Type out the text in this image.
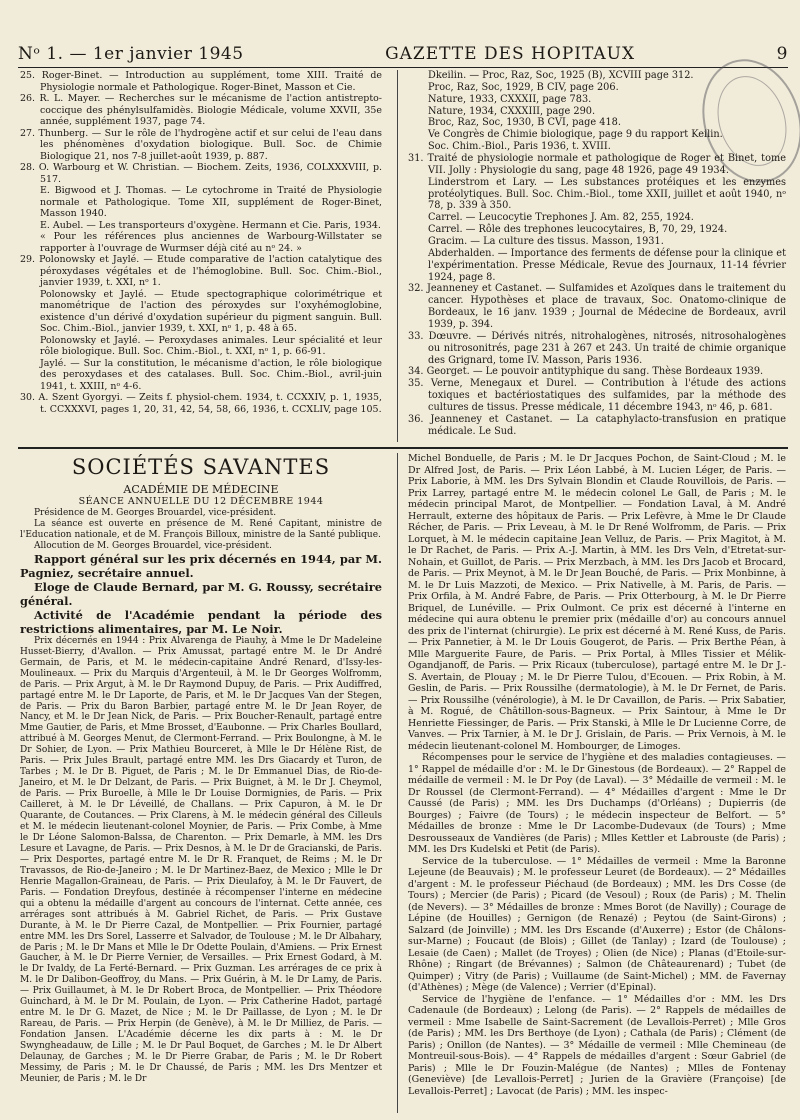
Nᵒ 1. — 1er janvier 1945	GAZETTE DES HOPITAUX	9

25. Roger-Binet. — Introduction au supplément, tome XIII. Traité de Physiologie normale et Pathologique. Roger-Binet, Masson et Cie.

26. R. L. Mayer. — Recherches sur le mécanisme de l'action antistrepto-coccique des phénylsulfamidès. Biologie Médicale, volume XXVII, 35e année, supplément 1937, page 74.

27. Thunberg. — Sur le rôle de l'hydrogène actif et sur celui de l'eau dans les phénomènes d'oxydation biologique. Bull. Soc. de Chimie Biologique 21, nos 7-8 juillet-août 1939, p. 887.

28. O. Warbourg et W. Christian. — Biochem. Zeits, 1936, COLXXXVIII, p. 517.

E. Bigwood et J. Thomas. — Le cytochrome in Traité de Physiologie normale et Pathologique. Tome XII, supplément de Roger-Binet, Masson 1940.

E. Aubel. — Les transporteurs d'oxygène. Hermann et Cie. Paris, 1934.

« Pour les références plus anciennes de Warbourg-Willstater se rapporter à l'ouvrage de Wurmser déjà cité au nᵒ 24. »

29. Polonowsky et Jaylé. — Etude comparative de l'action catalytique des péroxydases végétales et de l'hémoglobine. Bull. Soc. Chim.-Biol., janvier 1939, t. XXI, nᵒ 1.

Polonowsky et Jaylé. — Etude spectographique colorimétrique et manométrique de l'action des péroxydes sur l'oxyhémoglobine, existence d'un dérivé d'oxydation supérieur du pigment sanguin. Bull. Soc. Chim.-Biol., janvier 1939, t. XXI, nᵒ 1, p. 48 à 65.

Polonowsky et Jaylé. — Peroxydases animales. Leur spécialité et leur rôle biologique. Bull. Soc. Chim.-Biol., t. XXI, nᵒ 1, p. 66-91.

Jaylé. — Sur la constitution, le mécanisme d'action, le rôle biologique des peroxydases et des catalases. Bull. Soc. Chim.-Biol., avril-juin 1941, t. XXIII, nᵒ 4-6.

30. A. Szent Gyorgyi. — Zeits f. physiol-chem. 1934, t. CCXXIV, p. 1, 1935, t. CCXXXVI, pages 1, 20, 31, 42, 54, 58, 66, 1936, t. CCXLIV, page 105.

Dkeilin. — Proc, Raz, Soc, 1925 (B), XCVIII page 312.

Proc, Raz, Soc, 1929, B CIV, page 206.

Nature, 1933, CXXXII, page 783.

Nature, 1934, CXXXIII, page 290.

Broc, Raz, Soc, 1930, B CVI, page 418.

Ve Congrès de Chimie biologique, page 9 du rapport Keilin.

Soc. Chim.-Biol., Paris 1936, t. XVIII.

31. Traité de physiologie normale et pathologique de Roger et Binet, tome VII. Jolly : Physiologie du sang, page 48 1926, page 49 1934.

Linderstrom et Lary. — Les substances protéiques et les enzymes protéolytiques. Bull. Soc. Chim.-Biol., tome XXII, juillet et août 1940, nᵒ 78, p. 339 à 350.

Carrel. — Leucocytie Trephones J. Am. 82, 255, 1924.

Carrel. — Rôle des trephones leucocytaires, B, 70, 29, 1924.

Gracim. — La culture des tissus. Masson, 1931.

Abderhalden. — Importance des ferments de défense pour la clinique et l'expérimentation. Presse Médicale, Revue des Journaux, 11-14 février 1924, page 8.

32. Jeanneney et Castanet. — Sulfamides et Azoïques dans le traitement du cancer. Hypothèses et place de travaux, Soc. Onatomo-clinique de Bordeaux, le 16 janv. 1939 ; Journal de Médecine de Bordeaux, avril 1939, p. 394.

33. Dœuvre. — Dérivés nitrés, nitrohalogènes, nitrosés, nitrosohalogènes ou nitrosonitrés, page 231 à 267 et 243. Un traité de chimie organique des Grignard, tome IV. Masson, Paris 1936.

34. Georget. — Le pouvoir antityphique du sang. Thèse Bordeaux 1939.

35. Verne, Menegaux et Durel. — Contribution à l'étude des actions toxiques et bactériostatiques des sulfamides, par la méthode des cultures de tissus. Presse médicale, 11 décembre 1943, nᵒ 46, p. 681.

36. Jeanneney et Castanet. — La cataphylacto-transfusion en pratique médicale. Le Sud.

SOCIÉTÉS SAVANTES

ACADÉMIE DE MÉDECINE

SÉANCE ANNUELLE DU 12 DÉCEMBRE 1944

Présidence de M. Georges Brouardel, vice-président.

La séance est ouverte en présence de M. René Capitant, ministre de l'Education nationale, et de M. François Billoux, ministre de la Santé publique.

Allocution de M. Georges Brouardel, vice-président.

Rapport général sur les prix décernés en 1944, par M. Pagniez, secrétaire annuel.

Eloge de Claude Bernard, par M. G. Roussy, secrétaire général.

Activité de l'Académie pendant la période des restrictions alimentaires, par M. Le Noir.

Prix décernés en 1944 : Prix Alvarenga de Piauhy, à Mme le Dr Madeleine Husset-Bierry, d'Avallon. — Prix Amussat, partagé entre M. le Dr André Germain, de Paris, et M. le médecin-capitaine André Renard, d'Issy-les-Moulineaux. — Prix du Marquis d'Argenteuil, à M. le Dr Georges Wolfromm, de Paris. — Prix Argut, à M. le Dr Raymond Dupuy, de Paris. — Prix Audiffred, partagé entre M. le Dr Laporte, de Paris, et M. le Dr Jacques Van der Stegen, de Paris. — Prix du Baron Barbier, partagé entre M. le Dr Jean Royer, de Nancy, et M. le Dr Jean Nick, de Paris. — Prix Boucher-Renault, partagé entre Mme Gautier, de Paris, et Mme Brosset, d'Eaubonne. — Prix Charles Boullard, attribué à M. Georges Menut, de Clermont-Ferrand. — Prix Boulongne, à M. le Dr Sohier, de Lyon. — Prix Mathieu Bourceret, à Mlle le Dr Hélène Rist, de Paris. — Prix Jules Brault, partagé entre MM. les Drs Giacardy et Turon, de Tarbes ; M. le Dr B. Piguet, de Paris ; M. le Dr Emmanuel Dias, de Rio-de-Janeiro, et M. le Dr Delzant, de Paris. — Prix Buignet, à M. le Dr J. Cheymol, de Paris. — Prix Buroelle, à Mlle le Dr Louise Dormignies, de Paris. — Prix Cailleret, à M. le Dr Léveillé, de Challans. — Prix Capuron, à M. le Dr Quarante, de Coutances. — Prix Clarens, à M. le médecin général des Cilleuls et M. le médecin lieutenant-colonel Moynier, de Paris. — Prix Combe, à Mme le Dr Léone Salomon-Balssa, de Charenton. — Prix Demarle, à MM. les Drs Lesure et Lavagne, de Paris. — Prix Desnos, à M. le Dr de Gracianski, de Paris. — Prix Desportes, partagé entre M. le Dr R. Franquet, de Reims ; M. le Dr Travassos, de Rio-de-Janeiro ; M. le Dr Martinez-Baez, de Mexico ; Mlle le Dr Henrie Magallon-Graineau, de Paris. — Prix Dieulafoy, à M. le Dr Fauvert, de Paris. — Fondation Dreyfous, destinée à récompenser l'interne en médecine qui a obtenu la médaille d'argent au concours de l'internat. Cette année, ces arrérages sont attribués à M. Gabriel Richet, de Paris. — Prix Gustave Durante, à M. le Dr Pierre Cazal, de Montpellier. — Prix Fournier, partagé entre MM. les Drs Sorel, Lasserre et Salvador, de Toulouse ; M. le Dr Albahary, de Paris ; M. le Dr Mans et Mlle le Dr Odette Poulain, d'Amiens. — Prix Ernest Gaucher, à M. le Dr Pierre Vernier, de Versailles. — Prix Ernest Godard, à M. le Dr Ivaldy, de La Ferté-Bernard. — Prix Guzman. Les arrérages de ce prix à M. le Dr Dalibon-Geoffroy, du Mans. — Prix Guérin, à M. le Dr Lamy, de Paris. — Prix Guillaumet, à M. le Dr Robert Broca, de Montpellier. — Prix Théodore Guinchard, à M. le Dr M. Poulain, de Lyon. — Prix Catherine Hadot, partagé entre M. le Dr G. Mazet, de Nice ; M. le Dr Paillasse, de Lyon ; M. le Dr Rareau, de Paris. — Prix Herpin (de Genève), à M. le Dr Milliez, de Paris. — Fondation Jansen. L'Académie décerne les dix parts à : M. le Dr Swyngheadauw, de Lille ; M. le Dr Paul Boquet, de Garches ; M. le Dr Albert Delaunay, de Garches ; M. le Dr Pierre Grabar, de Paris ; M. le Dr Robert Messimy, de Paris ; M. le Dr Chaussé, de Paris ; MM. les Drs Mentzer et Meunier, de Paris ; M. le Dr

Michel Bonduelle, de Paris ; M. le Dr Jacques Pochon, de Saint-Cloud ; M. le Dr Alfred Jost, de Paris. — Prix Léon Labbé, à M. Lucien Léger, de Paris. — Prix Laborie, à MM. les Drs Sylvain Blondin et Claude Rouvillois, de Paris. — Prix Larrey, partagé entre M. le médecin colonel Le Gall, de Paris ; M. le médecin principal Marot, de Montpellier. — Fondation Laval, à M. André Herrault, externe des hôpitaux de Paris. — Prix Lefèvre, à Mme le Dr Claude Récher, de Paris. — Prix Leveau, à M. le Dr René Wolfromm, de Paris. — Prix Lorquet, à M. le médecin capitaine Jean Velluz, de Paris. — Prix Magitot, à M. le Dr Rachet, de Paris. — Prix A.-J. Martin, à MM. les Drs Veln, d'Etretat-sur-Nohain, et Guillot, de Paris. — Prix Merzbach, à MM. les Drs Jacob et Brocard, de Paris. — Prix Meynot, à M. le Dr Jean Bouché, de Paris. — Prix Monbinne, à M. le Dr Luis Mazzoti, de Mexico. — Prix Nativelle, à M. Paris, de Paris. — Prix Orfila, à M. André Fabre, de Paris. — Prix Otterbourg, à M. le Dr Pierre Briquel, de Lunéville. — Prix Oulmont. Ce prix est décerné à l'interne en médecine qui aura obtenu le premier prix (médaille d'or) au concours annuel des prix de l'internat (chirurgie). Le prix est décerné à M. René Kuss, de Paris. — Prix Pannetier, à M. le Dr Louis Gougerot, de Paris. — Prix Berthe Péan, à Mlle Marguerite Faure, de Paris. — Prix Portal, à Mlles Tissier et Mélik-Ogandjanoff, de Paris. — Prix Ricaux (tuberculose), partagé entre M. le Dr J.-S. Avertain, de Plouay ; M. le Dr Pierre Tulou, d'Ecouen. — Prix Robin, à M. Geslin, de Paris. — Prix Roussilhe (dermatologie), à M. le Dr Fernet, de Paris. — Prix Roussilhe (vénérologie), à M. le Dr Cavaillon, de Paris. — Prix Sabatier, à M. Rogué, de Châtillon-sous-Bagneux. — Prix Saintour, à Mme le Dr Henriette Fiessinger, de Paris. — Prix Stanski, à Mlle le Dr Lucienne Corre, de Vanves. — Prix Tarnier, à M. le Dr J. Grislain, de Paris. — Prix Vernois, à M. le médecin lieutenant-colonel M. Hombourger, de Limoges.

Récompenses pour le service de l'hygiène et des maladies contagieuses. — 1° Rappel de médaille d'or : M. le Dr Ginestous (de Bordeaux). — 2° Rappel de médaille de vermeil : M. le Dr Poy (de Laval). — 3° Médaille de vermeil : M. le Dr Roussel (de Clermont-Ferrand). — 4° Médailles d'argent : Mme le Dr Caussé (de Paris) ; MM. les Drs Duchamps (d'Orléans) ; Dupierris (de Bourges) ; Faivre (de Tours) ; le médecin inspecteur de Belfort. — 5° Médailles de bronze : Mme le Dr Lacombe-Dudevaux (de Tours) ; Mme Desrousseaux de Vandières (de Paris) ; Mlles Kettler et Labrouste (de Paris) ; MM. les Drs Kudelski et Petit (de Paris).

Service de la tuberculose. — 1° Médailles de vermeil : Mme la Baronne Lejeune (de Beauvais) ; M. le professeur Leuret (de Bordeaux). — 2° Médailles d'argent : M. le professeur Piéchaud (de Bordeaux) ; MM. les Drs Cosse (de Tours) ; Mercier (de Paris) ; Picard (de Vesoul) ; Roux (de Paris) ; M. Thelin (de Nevers). — 3° Médailles de bronze : Mmes Borot (de Navilly) ; Courage de Lépine (de Houilles) ; Gernigon (de Renazé) ; Peytou (de Saint-Girons) ; Salzard (de Joinville) ; MM. les Drs Escande (d'Auxerre) ; Estor (de Châlons-sur-Marne) ; Foucaut (de Blois) ; Gillet (de Tanlay) ; Izard (de Toulouse) ; Lesaie (de Caen) ; Mallet (de Troyes) ; Olien (de Nice) ; Planas (d'Etoile-sur-Rhône) ; Ringart (de Brévannes) ; Salmon (de Châteaurenard) ; Tubet (de Quimper) ; Vitry (de Paris) ; Vuillaume (de Saint-Michel) ; MM. de Favernay (d'Athènes) ; Mège (de Valence) ; Verrier (d'Epinal).

Service de l'hygiène de l'enfance. — 1° Médailles d'or : MM. les Drs Cadenaule (de Bordeaux) ; Lelong (de Paris). — 2° Rappels de médailles de vermeil : Mme Isabelle de Saint-Sacrement (de Levallois-Perret) ; Mlle Gros (de Paris) ; MM. les Drs Berthoye (de Lyon) ; Cathala (de Paris) ; Clément (de Paris) ; Onillon (de Nantes). — 3° Médaille de vermeil : Mlle Chemineau (de Montreuil-sous-Bois). — 4° Rappels de médailles d'argent : Sœur Gabriel (de Paris) ; Mlle le Dr Fouzin-Malégue (de Nantes) ; Mlles de Fontenay (Geneviève) [de Levallois-Perret] ; Jurien de la Gravière (Françoise) [de Levallois-Perret] ; Lavocat (de Paris) ; MM. les inspec-
